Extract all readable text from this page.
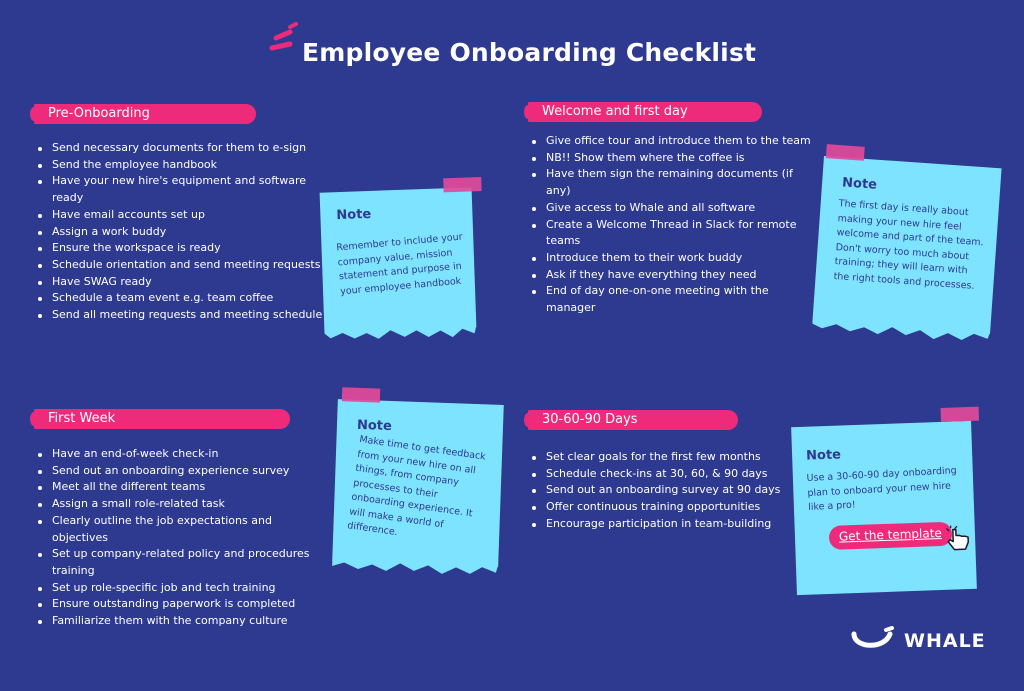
Employee Onboarding Checklist
Pre-Onboarding
Send necessary documents for them to e-sign
Send the employee handbook
Have your new hire's equipment and software ready
Have email accounts set up
Assign a work buddy
Ensure the workspace is ready
Schedule orientation and send meeting requests
Have SWAG ready
Schedule a team event e.g. team coffee
Send all meeting requests and meeting schedule
Note
Remember to include your company value, mission statement and purpose in your employee handbook
Welcome and first day
Give office tour and introduce them to the team
NB!! Show them where the coffee is
Have them sign the remaining documents (if any)
Give access to Whale and all software
Create a Welcome Thread in Slack for remote teams
Introduce them to their work buddy
Ask if they have everything they need
End of day one-on-one meeting with the manager
Note
The first day is really about making your new hire feel welcome and part of the team. Don't worry too much about training; they will learn with the right tools and processes.
First Week
Have an end-of-week check-in
Send out an onboarding experience survey
Meet all the different teams
Assign a small role-related task
Clearly outline the job expectations and objectives
Set up company-related policy and procedures training
Set up role-specific job and tech training
Ensure outstanding paperwork is completed
Familiarize them with the company culture
Note
Make time to get feedback from your new hire on all things, from company processes to their onboarding experience. It will make a world of difference.
30-60-90 Days
Set clear goals for the first few months
Schedule check-ins at 30, 60, & 90 days
Send out an onboarding survey at 90 days
Offer continuous training opportunities
Encourage participation in team-building
Note
Use a 30-60-90 day onboarding plan to onboard your new hire like a pro!
Get the template
WHALE
